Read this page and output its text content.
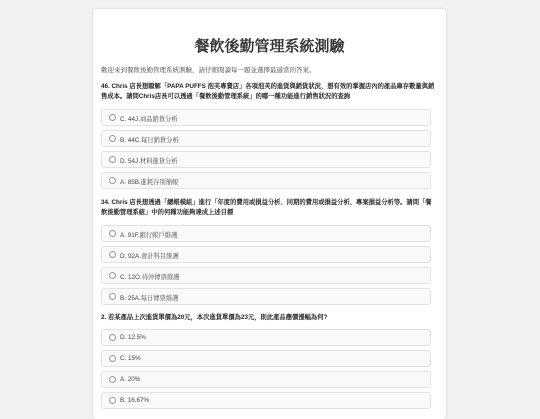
餐飲後勤管理系統測驗
歡迎來到餐飲後勤管理系統測驗，請仔細閱讀每一題並選擇最適當的答案。
46. Chris 店長想瞭解「PAPA PUFFS 泡芙專賣店」各項泡芙的進貨與銷貨狀況，想有效的掌握店內的產品庫存數量與銷售成本。請問Chris店長可以透過「餐飲後勤管理系統」的哪一種功能進行銷售狀況的查詢
C. 44J.商品銷貨分析
B. 44C.每日銷貨分析
D. 54J.材料進貨分析
A. 85B.進耗存別簡帳
34. Chris 店長想透過「總帳模組」進行「年度的費用或損益分析、同期的費用或損益分析、專案損益分析等。請問「餐飲後勤管理系統」中的何種功能夠達成上述目標
A. 91F.銀行帳戶維護
D. 92A.會計科目維護
C. 12O.待沖傳票維護
B. 25A.每日傳票維護
2. 若某產品上次進貨單價為20元，本次進貨單價為23元，則此產品應價漲幅為何?
D. 12.5%
C. 15%
A. 20%
B. 16.67%
